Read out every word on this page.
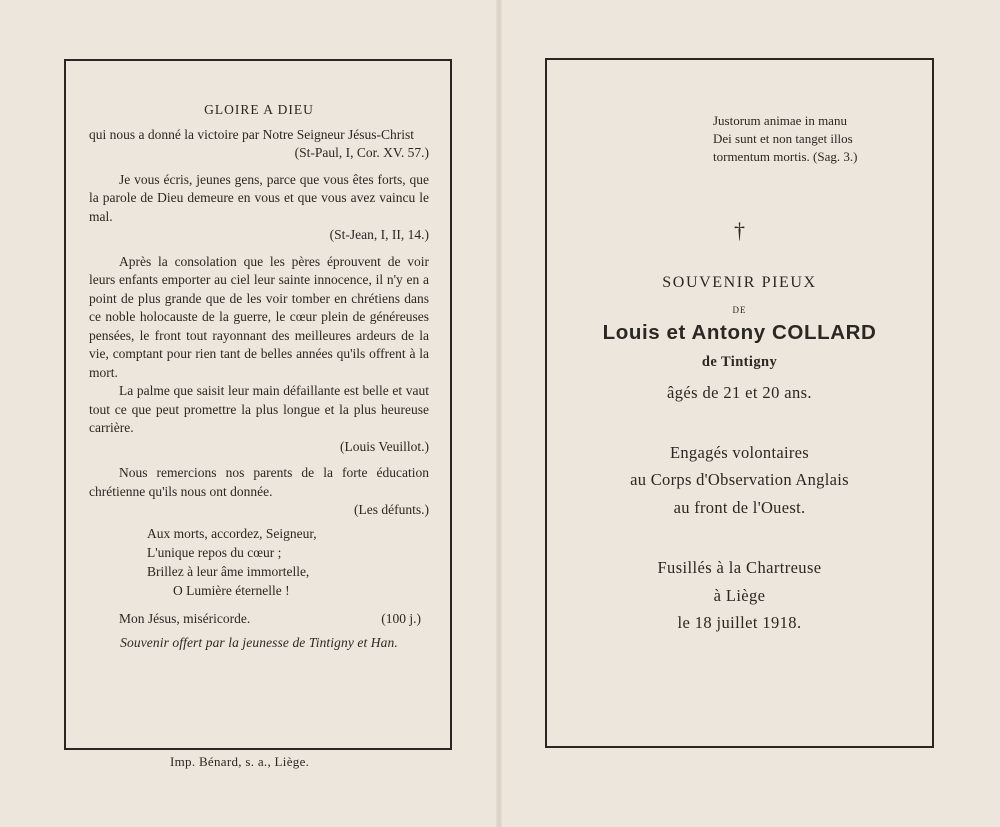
GLOIRE A DIEU
qui nous a donné la victoire par Notre Seigneur Jésus-Christ
(St-Paul, I, Cor. XV. 57.)
Je vous écris, jeunes gens, parce que vous êtes forts, que la parole de Dieu demeure en vous et que vous avez vaincu le mal.
(St-Jean, I, II, 14.)
Après la consolation que les pères éprouvent de voir leurs enfants emporter au ciel leur sainte innocence, il n'y en a point de plus grande que de les voir tomber en chrétiens dans ce noble holocauste de la guerre, le cœur plein de généreuses pensées, le front tout rayonnant des meilleures ardeurs de la vie, comptant pour rien tant de belles années qu'ils offrent à la mort.
La palme que saisit leur main défaillante est belle et vaut tout ce que peut promettre la plus longue et la plus heureuse carrière.
(Louis Veuillot.)
Nous remercions nos parents de la forte éducation chrétienne qu'ils nous ont donnée.
(Les défunts.)
Aux morts, accordez, Seigneur,
L'unique repos du cœur ;
Brillez à leur âme immortelle,
O Lumière éternelle !
Mon Jésus, miséricorde.	(100 j.)
Souvenir offert par la jeunesse de Tintigny et Han.
Imp. Bénard, s. a., Liège.
Justorum animae in manu
Dei sunt et non tanget illos
tormentum mortis. (Sag. 3.)
†
SOUVENIR PIEUX
DE
Louis et Antony COLLARD
de Tintigny
âgés de 21 et 20 ans.
Engagés volontaires
au Corps d'Observation Anglais
au front de l'Ouest.
Fusillés à la Chartreuse
à Liège
le 18 juillet 1918.
